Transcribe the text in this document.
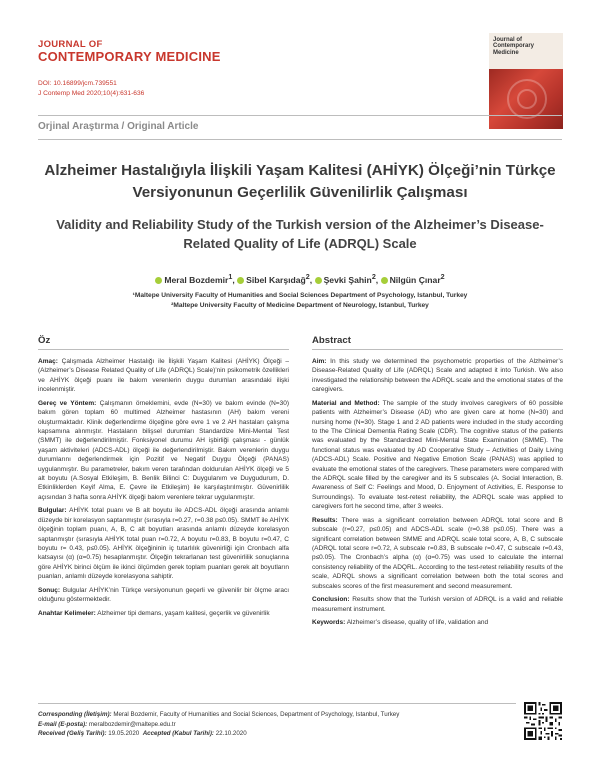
JOURNAL OF
CONTEMPORARY MEDICINE
DOI: 10.16899/jcm.739551
J Contemp Med 2020;10(4):631-636
Journal of Contemporary Medicine
Orjinal Araştırma / Original Article
Alzheimer Hastalığıyla İlişkili Yaşam Kalitesi (AHİYK) Ölçeği’nin Türkçe Versiyonunun Geçerlilik Güvenilirlik Çalışması
Validity and Reliability Study of the Turkish version of the Alzheimer’s Disease-Related Quality of Life (ADRQL) Scale
Meral Bozdemir$^1$, Sibel Karşıdağ$^2$, Şevki Şahin$^2$, Nilgün Çınar$^2$
¹Maltepe University Faculty of Humanities and Social Sciences Department of Psychology, Istanbul, Turkey
²Maltepe University Faculty of Medicine Department of Neurology, Istanbul, Turkey
Öz

Amaç: Çalışmada Alzheimer Hastalığı ile İlişkili Yaşam Kalitesi (AHİYK) Ölçeği – (Alzheimer’s Disease Related Quality of Life (ADRQL) Scale)’nin psikometrik özellikleri ve AHİYK ölçeği puanı ile bakım verenlerin duygu durumları arasındaki ilişki incelenmiştir.

Gereç ve Yöntem: Çalışmanın örneklemini, evde (N=30) ve bakım evinde (N=30) bakım gören toplam 60 multimed Alzheimer hastasının (AH) bakım vereni oluşturmaktadır. Klinik değerlendirme ölçeğine göre evre 1 ve 2 AH hastaları çalışma kapsamına alınmıştır. Hastaların bilişsel durumları Standardize Mini-Mental Test (SMMT) ile değerlendirilmiştir. Fonksiyonel durumu AH işbirliği çalışması - günlük yaşam aktiviteleri (ADCS-ADL) ölçeği ile değerlendirilmiştir. Bakım verenlerin duygu durumlarını değerlendirmek için Pozitif ve Negatif Duygu Ölçeği (PANAS) uygulanmıştır. Bu parametreler, bakım veren tarafından doldurulan AHİYK ölçeği ve 5 alt boyutu (A.Sosyal Etkileşim, B. Benlik Bilinci C: Duygulanım ve Duygudurum, D. Etkinliklerden Keyif Alma, E. Çevre ile Etkileşim) ile karşılaştırılmıştır. Güvenirlilik açısından 3 hafta sonra AHİYK ölçeği bakım verenlere tekrar uygulanmıştır.

Bulgular: AHİYK total puanı ve B alt boyutu ile ADCS-ADL ölçeği arasında anlamlı düzeyde bir korelasyon saptanmıştır (sırasıyla r=0.27, r=0.38 p≤0.05). SMMT ile AHİYK ölçeğinin toplam puanı, A, B, C alt boyutları arasında anlamlı düzeyde korelasyon saptanmıştır (sırasıyla AHİYK total puan r=0.72, A boyutu r=0.83, B boyutu r=0.47, C boyutu r= 0.43, p≤0.05). AHİYK ölçeğininin iç tutarlılık güvenirliği için Cronbach alfa katsayısı (α) (α=0.75) hesaplanmıştır. Ölçeğin tekrarlanan test güvenirlilik sonuçlarına göre AHİYK birinci ölçüm ile ikinci ölçümden gerek toplam puanları gerek alt boyutların puanları, anlamlı düzeyde korelasyona sahiptir.

Sonuç: Bulgular AHİYK’nin Türkçe versiyonunun geçerli ve güvenilir bir ölçme aracı olduğunu göstermektedir.

Anahtar Kelimeler: Alzheimer tipi demans, yaşam kalitesi, geçerlik ve güvenirlik

Abstract

Aim: In this study we determined the psychometric properties of the Alzheimer’s Disease-Related Quality of Life (ADRQL) Scale and adapted it into Turkish. We also investigated the relationship between the ADRQL scale and the emotional states of the caregivers.

Material and Method: The sample of the study involves caregivers of 60 possible patients with Alzheimer’s Disease (AD) who are given care at home (N=30) and nursing home (N=30). Stage 1 and 2 AD patients were included in the study according to the The Clinical Dementia Rating Scale (CDR). The cognitive status of the patients was evaluated by the Standardized Mini-Mental State Examination (SMME). The functional status was evaluated by AD Cooperative Study – Activities of Daily Living (ADCS-ADL) Scale. Positive and Negative Emotion Scale (PANAS) was applied to evaluate the emotional states of the caregivers. These parameters were compared with the ADRQL scale filled by the caregiver and its 5 subscales (A. Social Interaction, B. Awareness of Self C: Feelings and Mood, D. Enjoyment of Activities, E. Response to Surroundings). To evaluate test-retest reliability, the ADRQL scale was applied to caregivers fort he second time, after 3 weeks.

Results: There was a significant correlation between ADRQL total score and B subscale (r=0.27, p≤0.05) and ADCS-ADL scale (r=0.38 p≤0.05). There was a significant correlation between SMME and ADRQL scale total score, A, B, C subscale (ADRQL total score r=0.72, A subscale r=0.83, B subscale r=0.47, C subscale r=0.43, p≤0.05). The Cronbach’s alpha (α) (α=0.75) was used to calculate the internal consistency reliability of the ADQRL. According to the test-retest reliability results of the scale, ADRQL shows a significant correlation between both the total scores and subscales scores of the first measurement and second measurement.

Conclusion: Results show that the Turkish version of ADRQL is a valid and reliable measurement instrument.

Keywords: Alzheimer’s disease, quality of life, validation and

Corresponding (İletişim): Meral Bozdemir, Faculty of Humanities and Social Sciences, Department of Psychology, Istanbul, Turkey
E-mail (E-posta): meralbozdemir@maltepe.edu.tr
Received (Geliş Tarihi): 19.05.2020 Accepted (Kabul Tarihi): 22.10.2020
